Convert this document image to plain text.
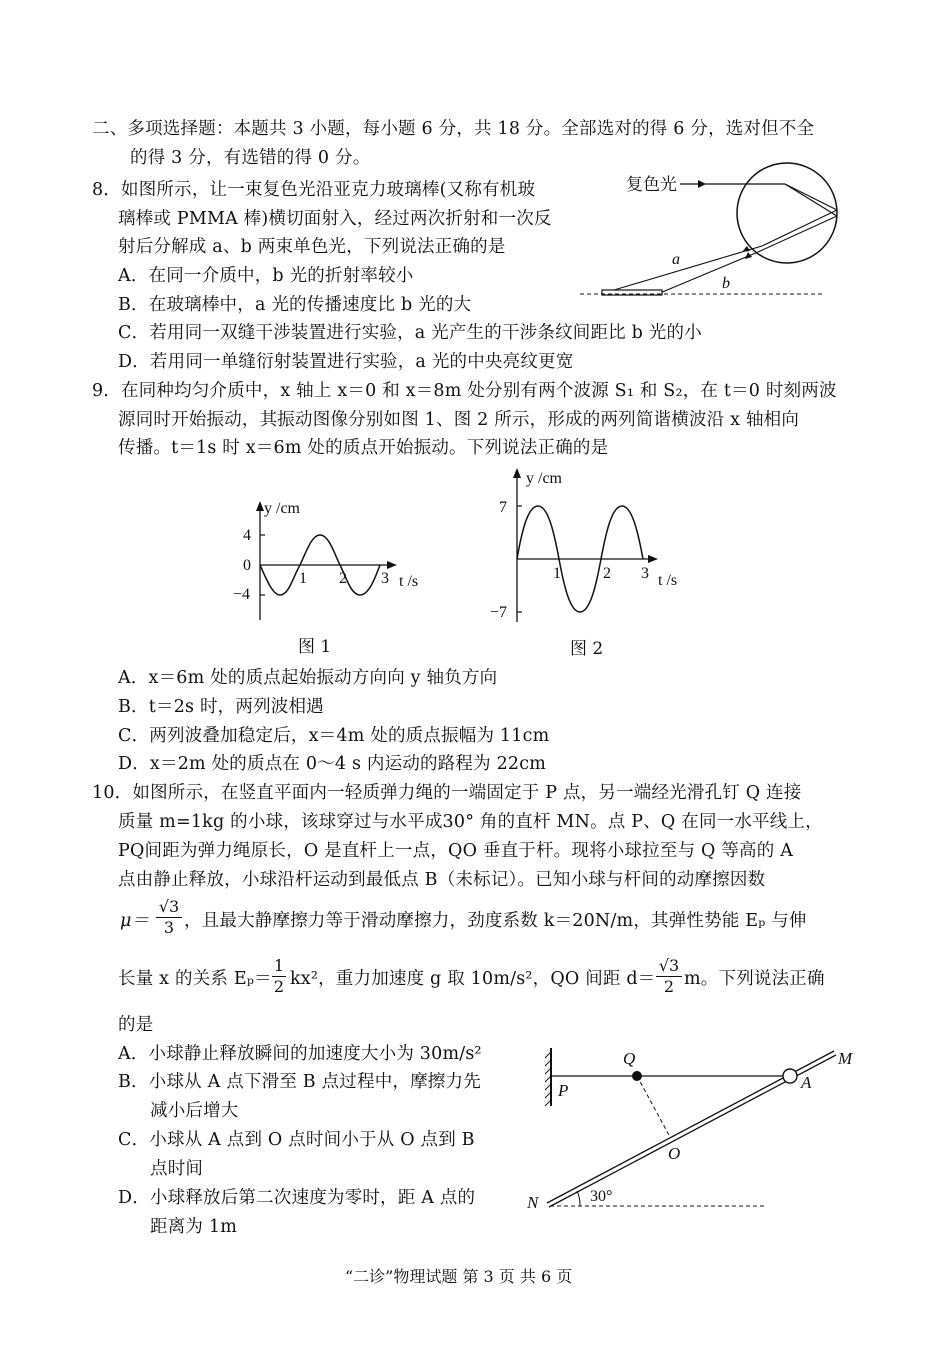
二、多项选择题：本题共 3 小题，每小题 6 分，共 18 分。全部选对的得 6 分，选对但不全
的得 3 分，有选错的得 0 分。
8．如图所示，让一束复色光沿亚克力玻璃棒(又称有机玻
璃棒或 PMMA 棒)横切面射入，经过两次折射和一次反
射后分解成 a、b 两束单色光，下列说法正确的是
A．在同一介质中，b 光的折射率较小
B．在玻璃棒中，a 光的传播速度比 b 光的大
C．若用同一双缝干涉装置进行实验，a 光产生的干涉条纹间距比 b 光的小
D．若用同一单缝衍射装置进行实验，a 光的中央亮纹更宽
复色光
a
b
9．在同种均匀介质中，x 轴上 x＝0 和 x＝8m 处分别有两个波源 S₁ 和 S₂，在 t＝0 时刻两波
源同时开始振动，其振动图像分别如图 1、图 2 所示，形成的两列简谐横波沿 x 轴相向
传播。t＝1s 时 x＝6m 处的质点开始振动。下列说法正确的是
y /cm
4
0
−4
1 2 3 t /s
图 1
y /cm
7
−7
1	2 3 t /s
图 2
A．x＝6m 处的质点起始振动方向向 y 轴负方向
B．t＝2s 时，两列波相遇
C．两列波叠加稳定后，x＝4m 处的质点振幅为 11cm
D．x＝2m 处的质点在 0～4 s 内运动的路程为 22cm
10．如图所示，在竖直平面内一轻质弹力绳的一端固定于 P 点，另一端经光滑孔钉 Q 连接
质量 m=1kg 的小球，该球穿过与水平成30° 角的直杆 MN。点 P、Q 在同一水平线上，
PQ间距为弹力绳原长，O 是直杆上一点，QO 垂直于杆。现将小球拉至与 Q 等高的 A
点由静止释放，小球沿杆运动到最低点 B（未标记）。已知小球与杆间的动摩擦因数
$\mu= \frac{√3}{3}$ ，且最大静摩擦力等于滑动摩擦力，劲度系数 k＝20N/m，其弹性势能 Eₚ 与伸
长量 x 的关系 $E_p= \frac{1}{2} kx^2$，重力加速度 g 取 10m/s²，QO 间距 $d= \frac{√3}{2}$ m。下列说法正确
的是
A．小球静止释放瞬间的加速度大小为 30m/s²
B．小球从 A 点下滑至 B 点过程中，摩擦力先
减小后增大
C．小球从 A 点到 O 点时间小于从 O 点到 B
点时间
D．小球释放后第二次速度为零时，距 A 点的
距离为 1m
Q
P	A
M
O
N	30°
“二诊”物理试题 第 3 页 共 6 页
